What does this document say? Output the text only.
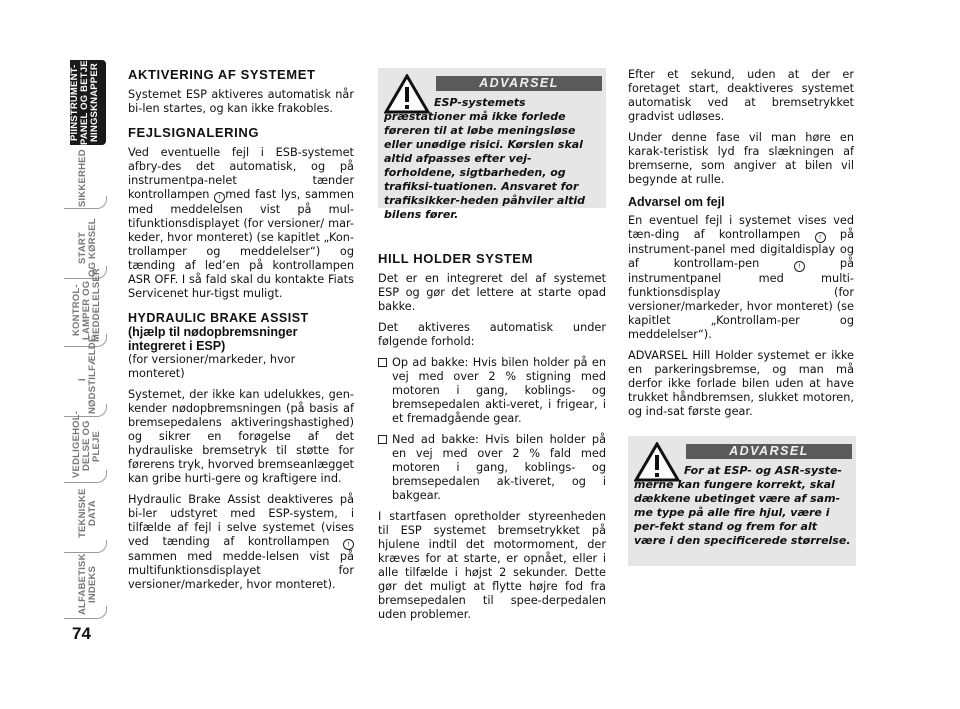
PIINSTRUMENT-
PANEL OG BETJE-
NINGSKNAPPER
SIKKERHED
START
OG KØRSEL
KONTROL-
LAMPER OG
MEDDELELSER
I
NØDSTILFÆLDE
VEDLIGEHOL-
DELSE OG
PLEJE
TEKNISKE
DATA
ALFABETISK
INDEKS
74
AKTIVERING AF SYSTEMET

Systemet ESP aktiveres automatisk når bi-len startes, og kan ikke frakobles.

FEJLSIGNALERING

Ved eventuelle fejl i ESB-systemet afbry-des det automatisk, og på instrumentpa-nelet tænder kontrollampen ! med fast lys, sammen med meddelelsen vist på mul-tifunktionsdisplayet (for versioner/ mar-keder, hvor monteret) (se kapitlet „Kon-trollamper og meddelelser“) og tænding af led’en på kontrollampen ASR OFF. I så fald skal du kontakte Fiats Servicenet hur-tigst muligt.

HYDRAULIC BRAKE ASSIST
(hjælp til nødopbremsninger
integreret i ESP)
(for versioner/markeder, hvor monteret)

Systemet, der ikke kan udelukkes, gen-kender nødopbremsningen (på basis af bremsepedalens aktiveringshastighed) og sikrer en forøgelse af det hydrauliske bremsetryk til støtte for førerens tryk, hvorved bremseanlægget kan gribe hurti-gere og kraftigere ind.

Hydraulic Brake Assist deaktiveres på bi-ler udstyret med ESP-system, i tilfælde af fejl i selve systemet (vises ved tænding af kontrollampen ! sammen med medde-lelsen vist på multifunktionsdisplayet for versioner/markeder, hvor monteret).

ADVARSEL
ESP-systemets præstationer må ikke forlede føreren til at løbe meningsløse eller unødige risici. Kørslen skal altid afpasses efter vej-forholdene, sigtbarheden, og trafiksi-tuationen. Ansvaret for trafiksikker-heden påhviler altid bilens fører.
HILL HOLDER SYSTEM

Det er en integreret del af systemet ESP og gør det lettere at starte opad bakke.

Det aktiveres automatisk under følgende forhold:

Op ad bakke: Hvis bilen holder på en vej med over 2 % stigning med motoren i gang, koblings- og bremsepedalen akti-veret, i frigear, i et fremadgående gear.
Ned ad bakke: Hvis bilen holder på en vej med over 2 % fald med motoren i gang, koblings- og bremsepedalen ak-tiveret, og i bakgear.

I startfasen opretholder styreenheden til ESP systemet bremsetrykket på hjulene indtil det motormoment, der kræves for at starte, er opnået, eller i alle tilfælde i højst 2 sekunder. Dette gør det muligt at flytte højre fod fra bremsepedalen til spee-derpedalen uden problemer.

Efter et sekund, uden at der er foretaget start, deaktiveres systemet automatisk ved at bremsetrykket gradvist udløses.

Under denne fase vil man høre en karak-teristisk lyd fra slækningen af bremserne, som angiver at bilen vil begynde at rulle.

Advarsel om fejl

En eventuel fejl i systemet vises ved tæn-ding af kontrollampen ! på instrument-panel med digitaldisplay og af kontrollam-pen ! på instrumentpanel med multi-funktionsdisplay (for versioner/markeder, hvor monteret) (se kapitlet „Kontrollam-per og meddelelser“).

ADVARSEL Hill Holder systemet er ikke en parkeringsbremse, og man må derfor ikke forlade bilen uden at have trukket håndbremsen, slukket motoren, og ind-sat første gear.

ADVARSEL
For at ESP- og ASR-syste-merne kan fungere korrekt, skal dækkene ubetinget være af sam-me type på alle fire hjul, være i per-fekt stand og frem for alt være i den specificerede størrelse.
